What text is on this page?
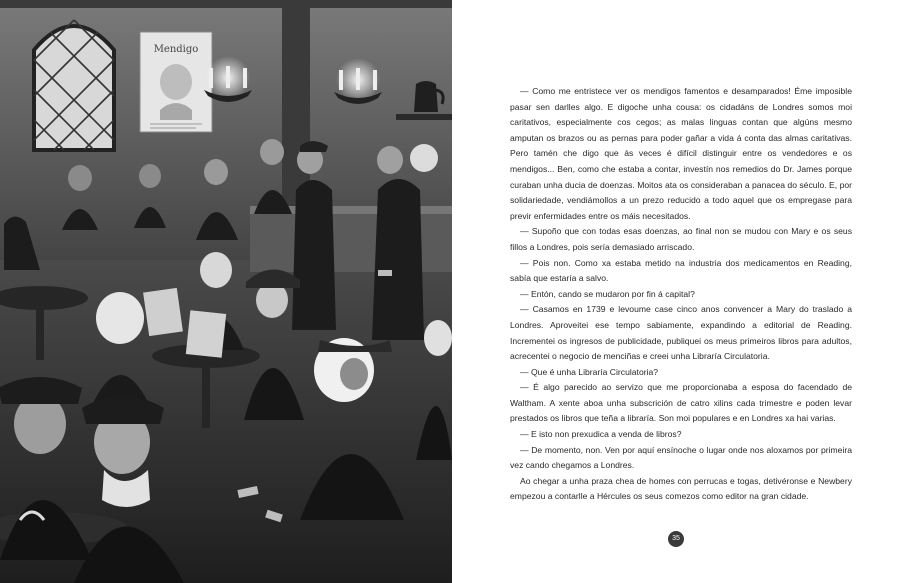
Mendigo

— Como me entristece ver os mendigos famentos e desamparados! Éme imposible pasar sen darlles algo. E digoche unha cousa: os cidadáns de Londres somos moi caritativos, especialmente cos cegos; as malas linguas contan que algúns mesmo amputan os brazos ou as pernas para poder gañar a vida á conta das almas caritativas. Pero tamén che digo que ás veces é difícil distinguir entre os vendedores e os mendigos... Ben, como che estaba a contar, investín nos remedios do Dr. James porque curaban unha ducia de doenzas. Moitos ata os consideraban a panacea do século. E, por solidariedade, vendiámollos a un prezo reducido a todo aquel que os empregase para previr enfermidades entre os máis necesitados.

— Supoño que con todas esas doenzas, ao final non se mudou con Mary e os seus fillos a Londres, pois sería demasiado arriscado.

— Pois non. Como xa estaba metido na industria dos medicamentos en Reading, sabía que estaría a salvo.

— Entón, cando se mudaron por fin á capital?

— Casamos en 1739 e levoume case cinco anos convencer a Mary do traslado a Londres. Aproveitei ese tempo sabiamente, expandindo a editorial de Reading. Incrementei os ingresos de publicidade, publiquei os meus primeiros libros para adultos, acrecentei o negocio de menciñas e creei unha Libraría Circulatoria.

— Que é unha Libraría Circulatoria?

— É algo parecido ao servizo que me proporcionaba a esposa do facendado de Waltham. A xente aboa unha subscrición de catro xilins cada trimestre e poden levar prestados os libros que teña a libraría. Son moi populares e en Londres xa hai varias.

— E isto non prexudica a venda de libros?

— De momento, non. Ven por aquí ensínoche o lugar onde nos aloxamos por primeira vez cando chegamos a Londres.

Ao chegar a unha praza chea de homes con perrucas e togas, detivéronse e Newbery empezou a contarlle a Hércules os seus comezos como editor na gran cidade.

35
